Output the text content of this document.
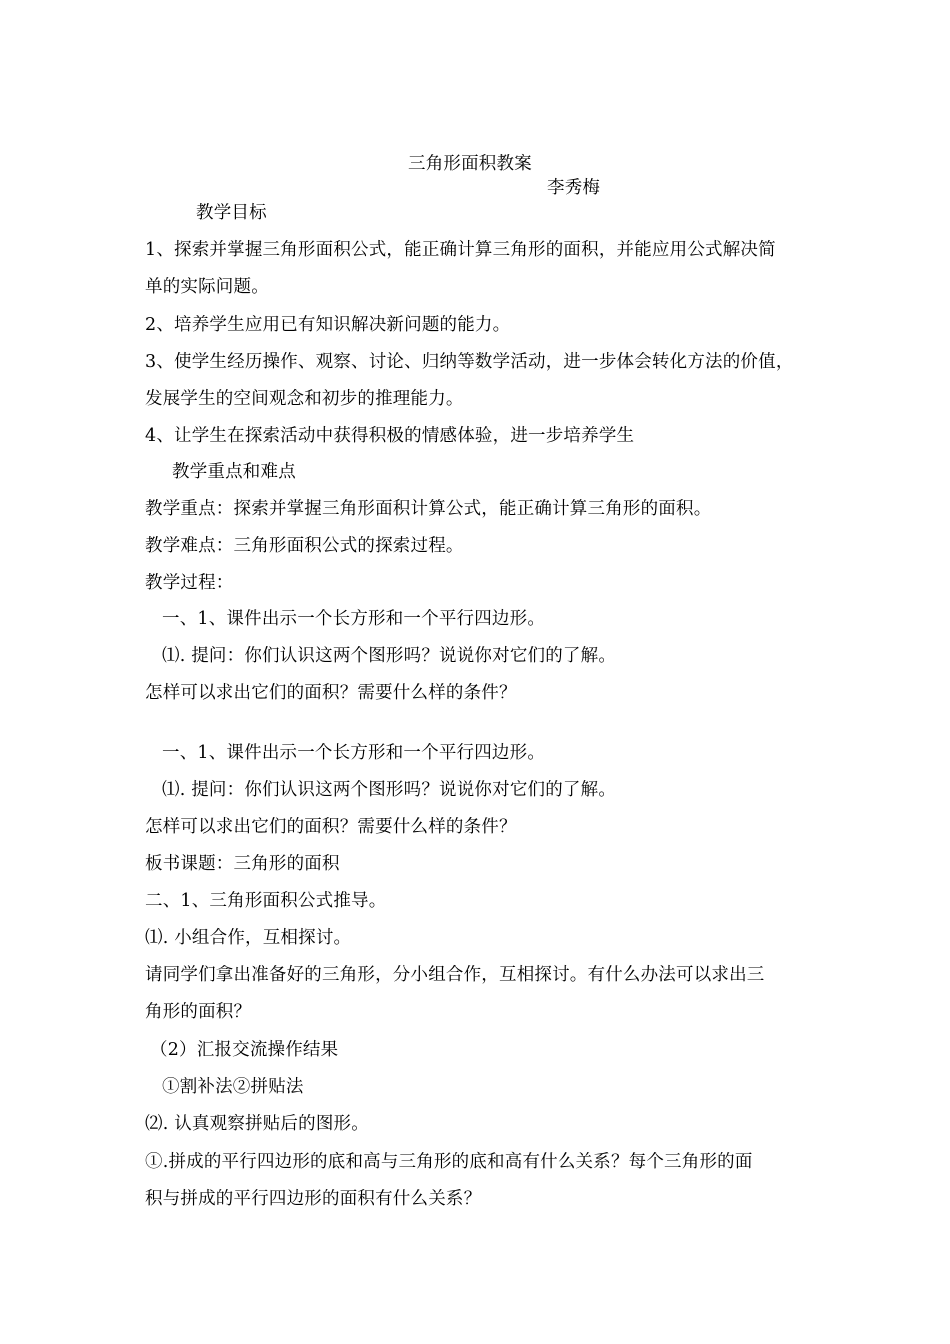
三角形面积教案
李秀梅
教学目标
1、探索并掌握三角形面积公式，能正确计算三角形的面积，并能应用公式解决简
单的实际问题。
2、培养学生应用已有知识解决新问题的能力。
3、使学生经历操作、观察、讨论、归纳等数学活动，进一步体会转化方法的价值，
发展学生的空间观念和初步的推理能力。
4、让学生在探索活动中获得积极的情感体验，进一步培养学生
教学重点和难点
教学重点：探索并掌握三角形面积计算公式，能正确计算三角形的面积。
教学难点：三角形面积公式的探索过程。
教学过程：
一、1、课件出示一个长方形和一个平行四边形。
⑴. 提问：你们认识这两个图形吗？说说你对它们的了解。
怎样可以求出它们的面积？需要什么样的条件？
一、1、课件出示一个长方形和一个平行四边形。
⑴. 提问：你们认识这两个图形吗？说说你对它们的了解。
怎样可以求出它们的面积？需要什么样的条件？
板书课题：三角形的面积
二、1、三角形面积公式推导。
⑴. 小组合作，互相探讨。
请同学们拿出准备好的三角形，分小组合作，互相探讨。有什么办法可以求出三
角形的面积？
（2）汇报交流操作结果
①割补法②拼贴法
⑵. 认真观察拼贴后的图形。
①.拼成的平行四边形的底和高与三角形的底和高有什么关系？每个三角形的面
积与拼成的平行四边形的面积有什么关系？
